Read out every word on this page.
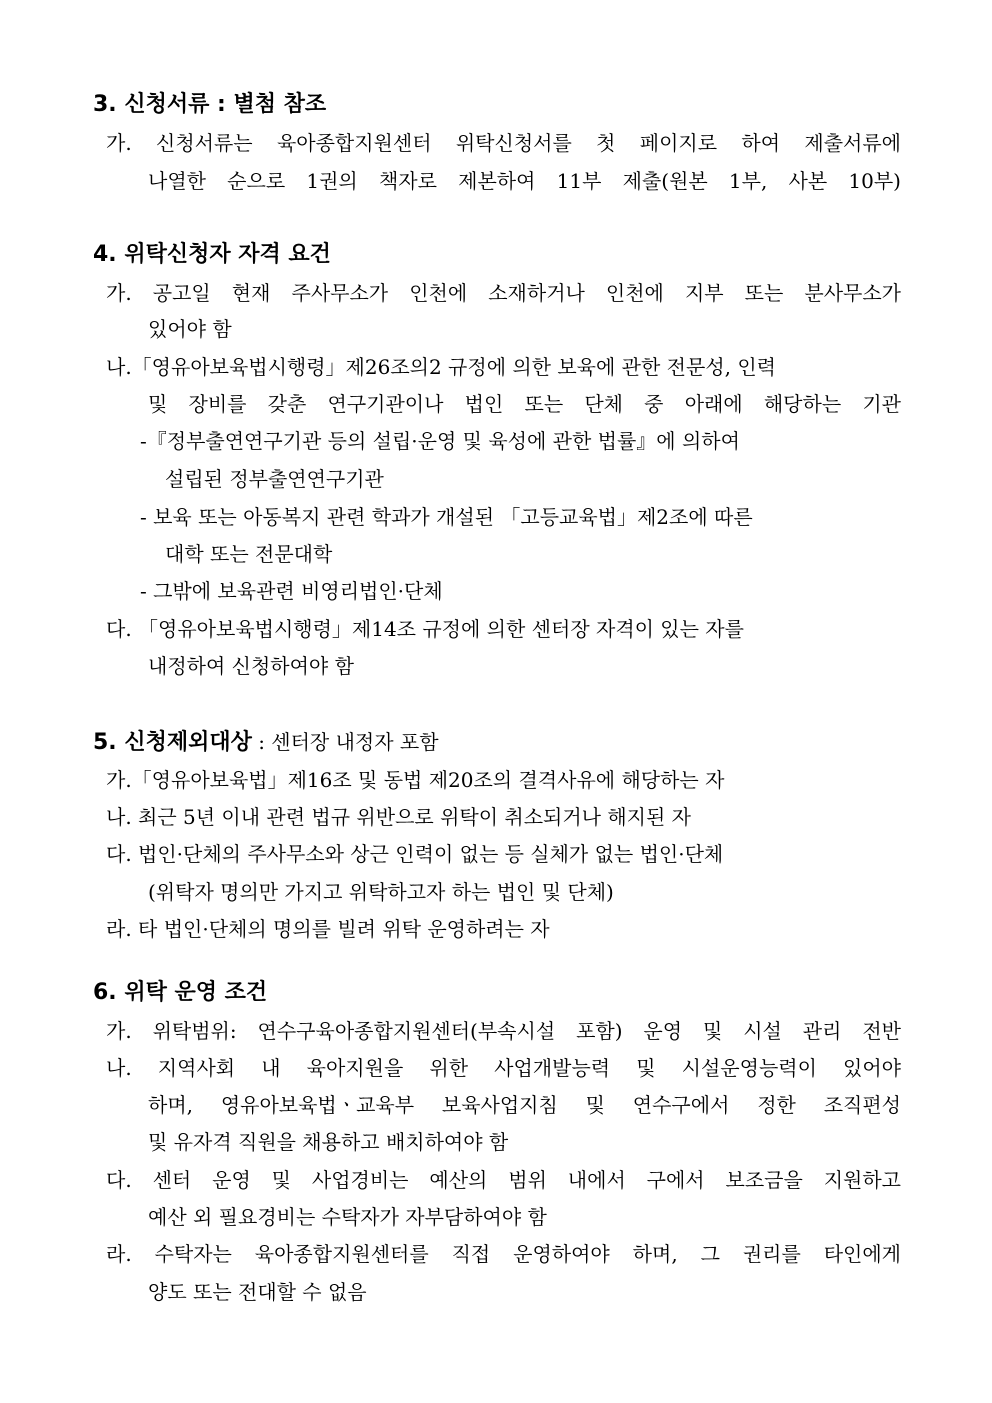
3. 신청서류 : 별첨 참조
가. 신청서류는 육아종합지원센터 위탁신청서를 첫 페이지로 하여 제출서류에
나열한 순으로 1권의 책자로 제본하여 11부 제출(원본 1부, 사본 10부)
4. 위탁신청자 자격 요건
가. 공고일 현재 주사무소가 인천에 소재하거나 인천에 지부 또는 분사무소가
있어야 함
나.「영유아보육법시행령」제26조의2 규정에 의한 보육에 관한 전문성, 인력
및 장비를 갖춘 연구기관이나 법인 또는 단체 중 아래에 해당하는 기관
-『정부출연연구기관 등의 설립·운영 및 육성에 관한 법률』에 의하여
설립된 정부출연연구기관
- 보육 또는 아동복지 관련 학과가 개설된 「고등교육법」제2조에 따른
대학 또는 전문대학
- 그밖에 보육관련 비영리법인·단체
다. 「영유아보육법시행령」제14조 규정에 의한 센터장 자격이 있는 자를
내정하여 신청하여야 함
5. 신청제외대상 : 센터장 내정자 포함
가.「영유아보육법」제16조 및 동법 제20조의 결격사유에 해당하는 자
나. 최근 5년 이내 관련 법규 위반으로 위탁이 취소되거나 해지된 자
다. 법인·단체의 주사무소와 상근 인력이 없는 등 실체가 없는 법인·단체
(위탁자 명의만 가지고 위탁하고자 하는 법인 및 단체)
라. 타 법인·단체의 명의를 빌려 위탁 운영하려는 자
6. 위탁 운영 조건
가. 위탁범위: 연수구육아종합지원센터(부속시설 포함) 운영 및 시설 관리 전반
나. 지역사회 내 육아지원을 위한 사업개발능력 및 시설운영능력이 있어야
하며, 영유아보육법ㆍ교육부 보육사업지침 및 연수구에서 정한 조직편성
및 유자격 직원을 채용하고 배치하여야 함
다. 센터 운영 및 사업경비는 예산의 범위 내에서 구에서 보조금을 지원하고
예산 외 필요경비는 수탁자가 자부담하여야 함
라. 수탁자는 육아종합지원센터를 직접 운영하여야 하며, 그 권리를 타인에게
양도 또는 전대할 수 없음
